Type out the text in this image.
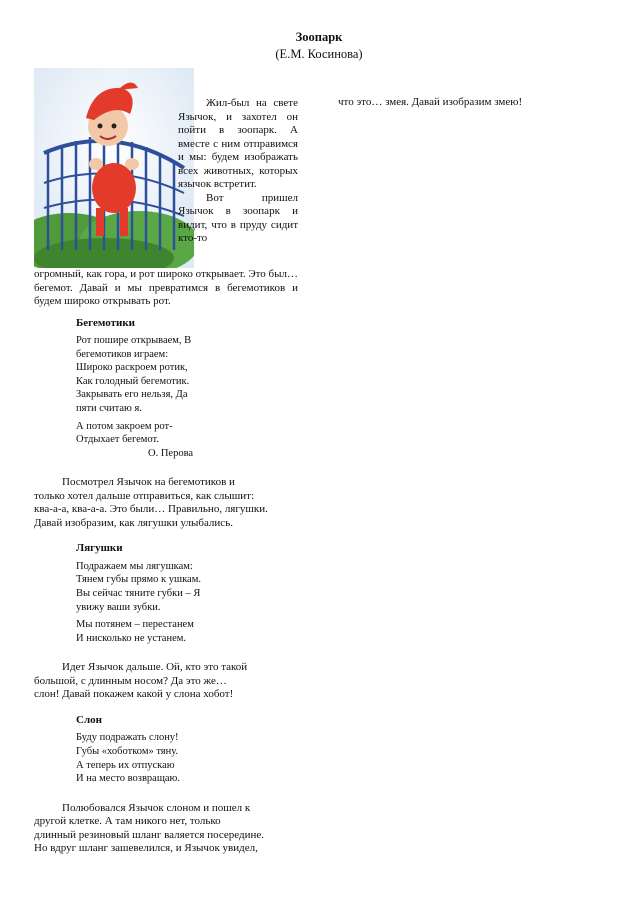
Зоопарк
(Е.М. Косинова)

Жил-был на свете Язычок, и захотел он пойти в зоопарк. А вместе с ним отправимся и мы: будем изображать всех животных, которых язычок встретит.

Вот пришел Язычок в зоопарк и видит, что в пруду сидит кто-то

огромный, как гора, и рот широко открывает. Это был… бегемот. Давай и мы превратимся в бегемотиков и будем широко открывать рот.
Бегемотики
Рот пошире открываем, В
бегемотиков играем:
Широко раскроем ротик,
Как голодный бегемотик.
Закрывать его нельзя, Да
пяти считаю я.
А потом закроем рот-
Отдыхает бегемот.
О. Перова
Посмотрел Язычок на бегемотиков и
только хотел дальше отправиться, как слышит:
ква-а-а, ква-а-а. Это были… Правильно, лягушки.
Давай изобразим, как лягушки улыбались.
Лягушки
Подражаем мы лягушкам:
Тянем губы прямо к ушкам.
Вы сейчас тяните губки – Я
увижу ваши зубки.
Мы потянем – перестанем
И нисколько не устанем.
Идет Язычок дальше. Ой, кто это такой
большой, с длинным носом? Да это же…
слон! Давай покажем какой у слона хобот!
Слон
Буду подражать слону!
Губы «хоботком» тяну.
А теперь их отпускаю
И на место возвращаю.
Полюбовался Язычок слоном и пошел к
другой клетке. А там никого нет, только
длинный резиновый шланг валяется посередине.
Но вдруг шланг зашевелился, и Язычок увидел,
что это… змея. Давай изобразим змею!
